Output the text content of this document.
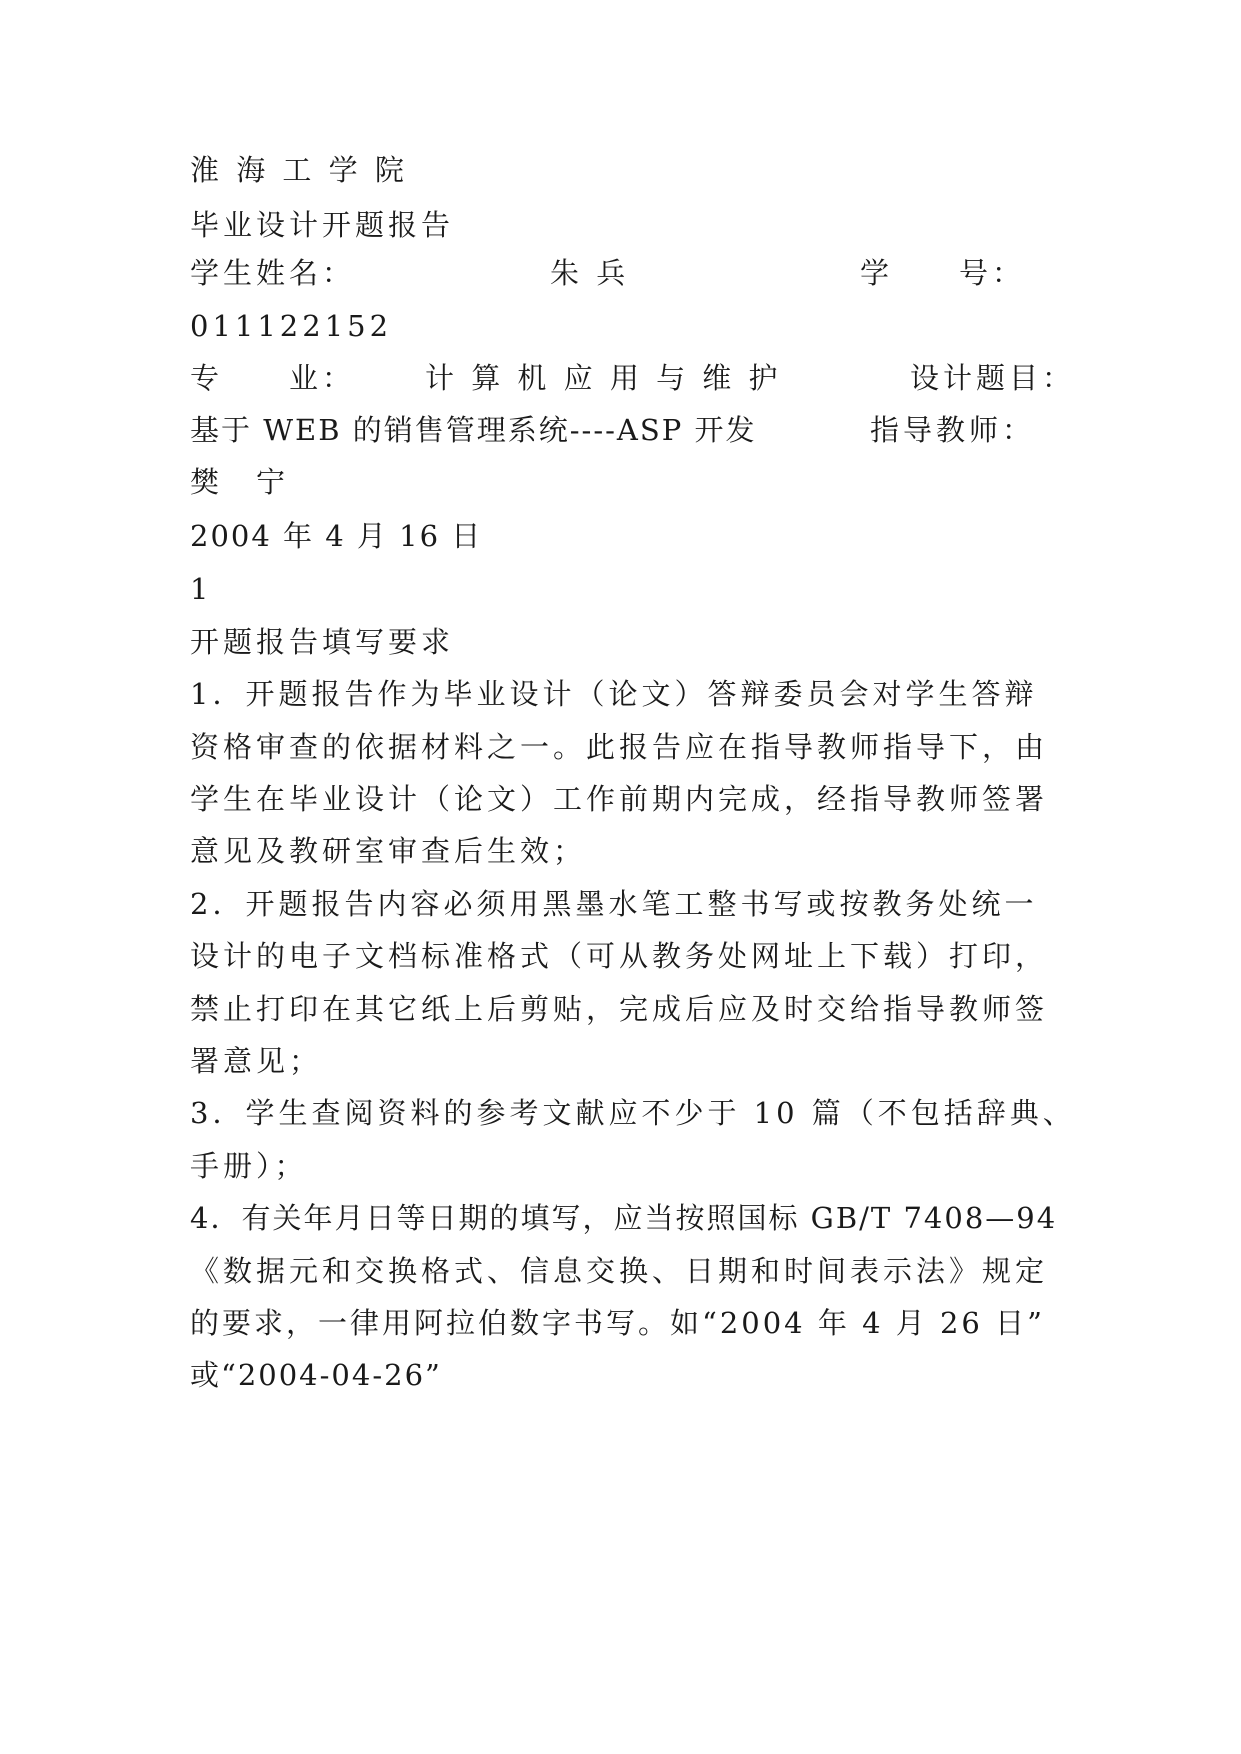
淮 海 工 学 院
毕业设计开题报告
学生姓名：	朱 兵	学　　号：
011122152
专　　业： 计 算 机 应 用 与 维 护	设计题目：
基于 WEB 的销售管理系统----ASP 开发	指导教师：
樊　宁
2004 年 4 月 16 日
1
开题报告填写要求
1．开题报告作为毕业设计（论文）答辩委员会对学生答辩
资格审查的依据材料之一。此报告应在指导教师指导下，由
学生在毕业设计（论文）工作前期内完成，经指导教师签署
意见及教研室审查后生效；
2．开题报告内容必须用黑墨水笔工整书写或按教务处统一
设计的电子文档标准格式（可从教务处网址上下载）打印，
禁止打印在其它纸上后剪贴，完成后应及时交给指导教师签
署意见；
3．学生查阅资料的参考文献应不少于 10 篇（不包括辞典、
手册）；
4．有关年月日等日期的填写，应当按照国标 GB/T 7408—94
《数据元和交换格式、信息交换、日期和时间表示法》规定
的要求，一律用阿拉伯数字书写。如“2004 年 4 月 26 日”
或“2004-04-26”
